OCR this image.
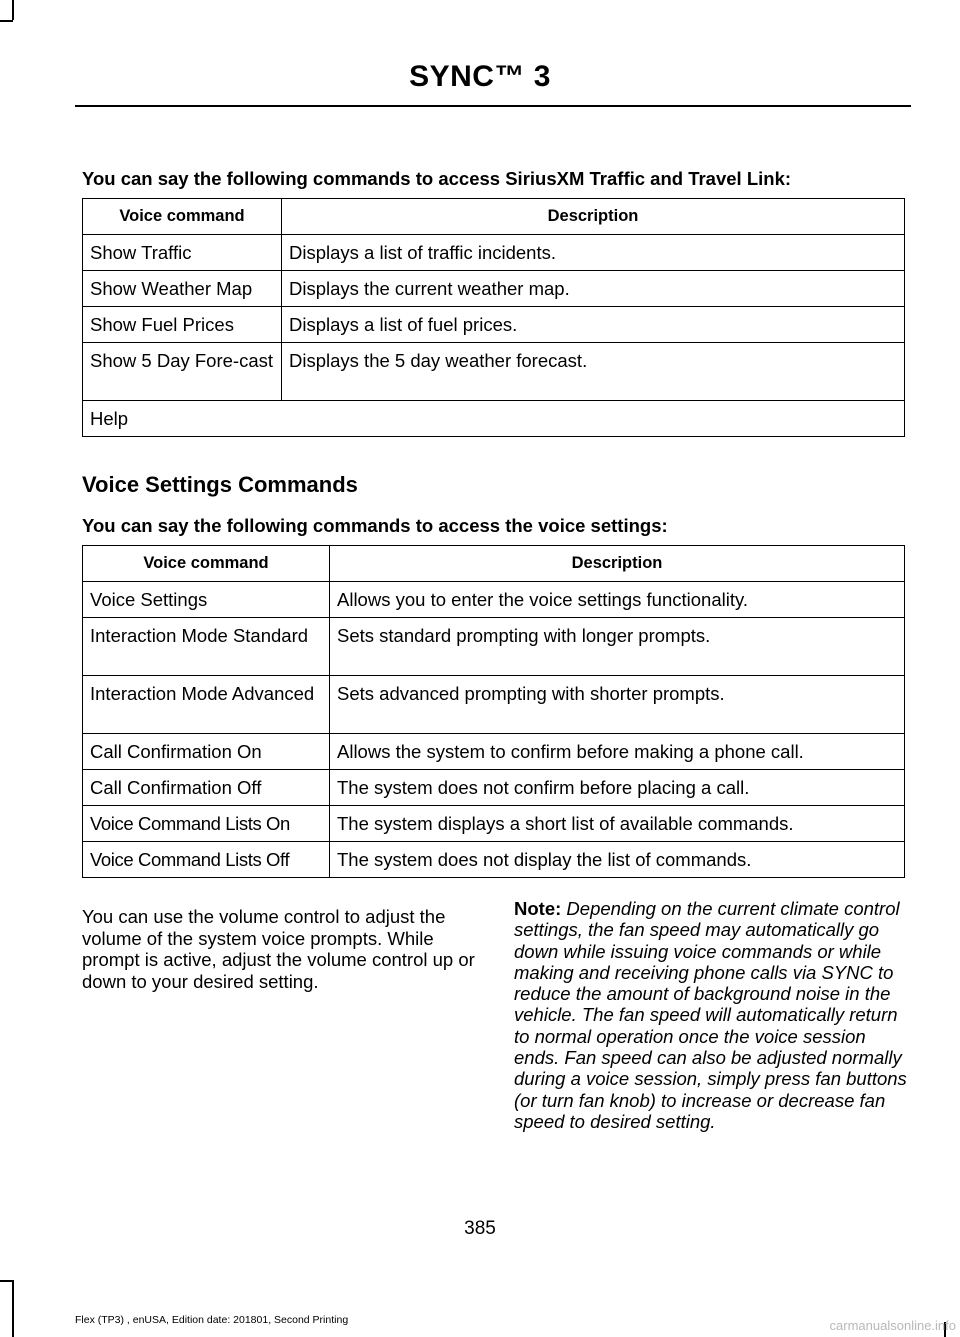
SYNC™ 3
You can say the following commands to access SiriusXM Traffic and Travel Link:
Voice command	Description
Show Traffic	Displays a list of traffic incidents.
Show Weather Map	Displays the current weather map.
Show Fuel Prices	Displays a list of fuel prices.
Show 5 Day Fore-cast	Displays the 5 day weather forecast.
Help	
Voice Settings Commands
You can say the following commands to access the voice settings:
Voice command	Description
Voice Settings	Allows you to enter the voice settings functionality.
Interaction Mode Standard	Sets standard prompting with longer prompts.
Interaction Mode Advanced	Sets advanced prompting with shorter prompts.
Call Confirmation On	Allows the system to confirm before making a phone call.
Call Confirmation Off	The system does not confirm before placing a call.
Voice Command Lists On	The system displays a short list of available commands.
Voice Command Lists Off	The system does not display the list of commands.
You can use the volume control to adjust the volume of the system voice prompts. While prompt is active, adjust the volume control up or down to your desired setting.
Note: Depending on the current climate control settings, the fan speed may automatically go down while issuing voice commands or while making and receiving phone calls via SYNC to reduce the amount of background noise in the vehicle. The fan speed will automatically return to normal operation once the voice session ends. Fan speed can also be adjusted normally during a voice session, simply press fan buttons (or turn fan knob) to increase or decrease fan speed to desired setting.
385
Flex (TP3) , enUSA, Edition date: 201801, Second Printing	carmanualsonline.info
